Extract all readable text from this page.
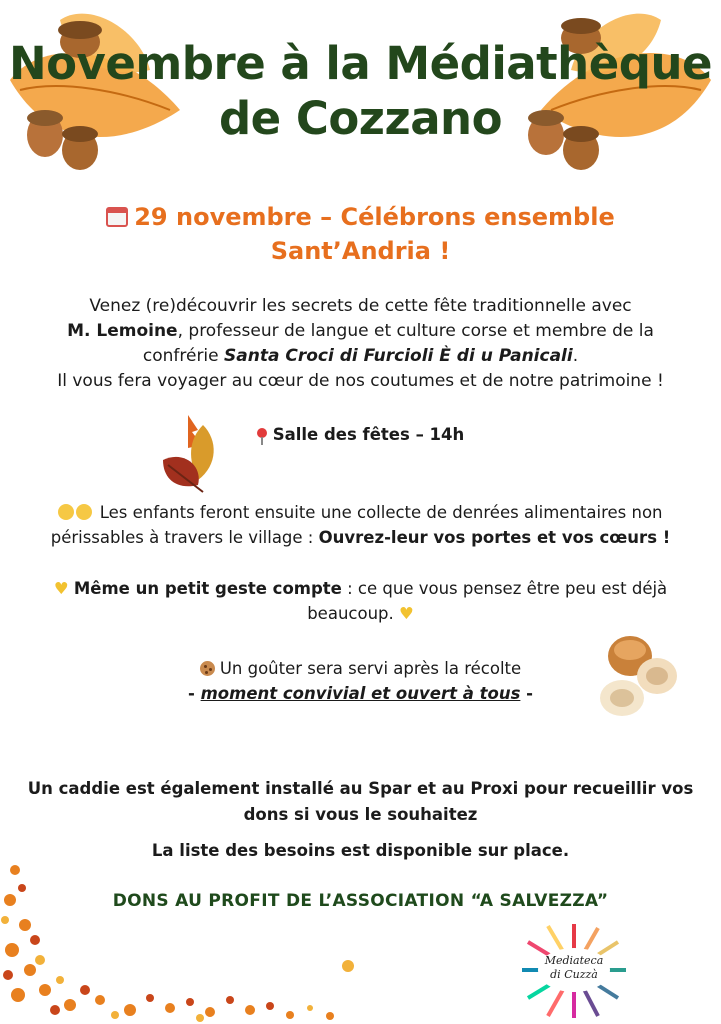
Novembre à la Médiathèque
de Cozzano
29 novembre – Célébrons ensemble
Sant’Andria !
Venez (re)découvrir les secrets de cette fête traditionnelle avec
M. Lemoine, professeur de langue et culture corse et membre de la
confrérie Santa Croci di Furcioli È di u Panicali.
Il vous fera voyager au cœur de nos coutumes et de notre patrimoine !
Salle des fêtes – 14h
Les enfants feront ensuite une collecte de denrées alimentaires non
périssables à travers le village : Ouvrez-leur vos portes et vos cœurs !
♥ Même un petit geste compte : ce que vous pensez être peu est déjà
beaucoup. ♥
Un goûter sera servi après la récolte
- moment convivial et ouvert à tous -
Un caddie est également installé au Spar et au Proxi pour recueillir vos
dons si vous le souhaitez
La liste des besoins est disponible sur place.
DONS AU PROFIT DE L’ASSOCIATION “A SALVEZZA”
Mediateca
di Cuzzà
